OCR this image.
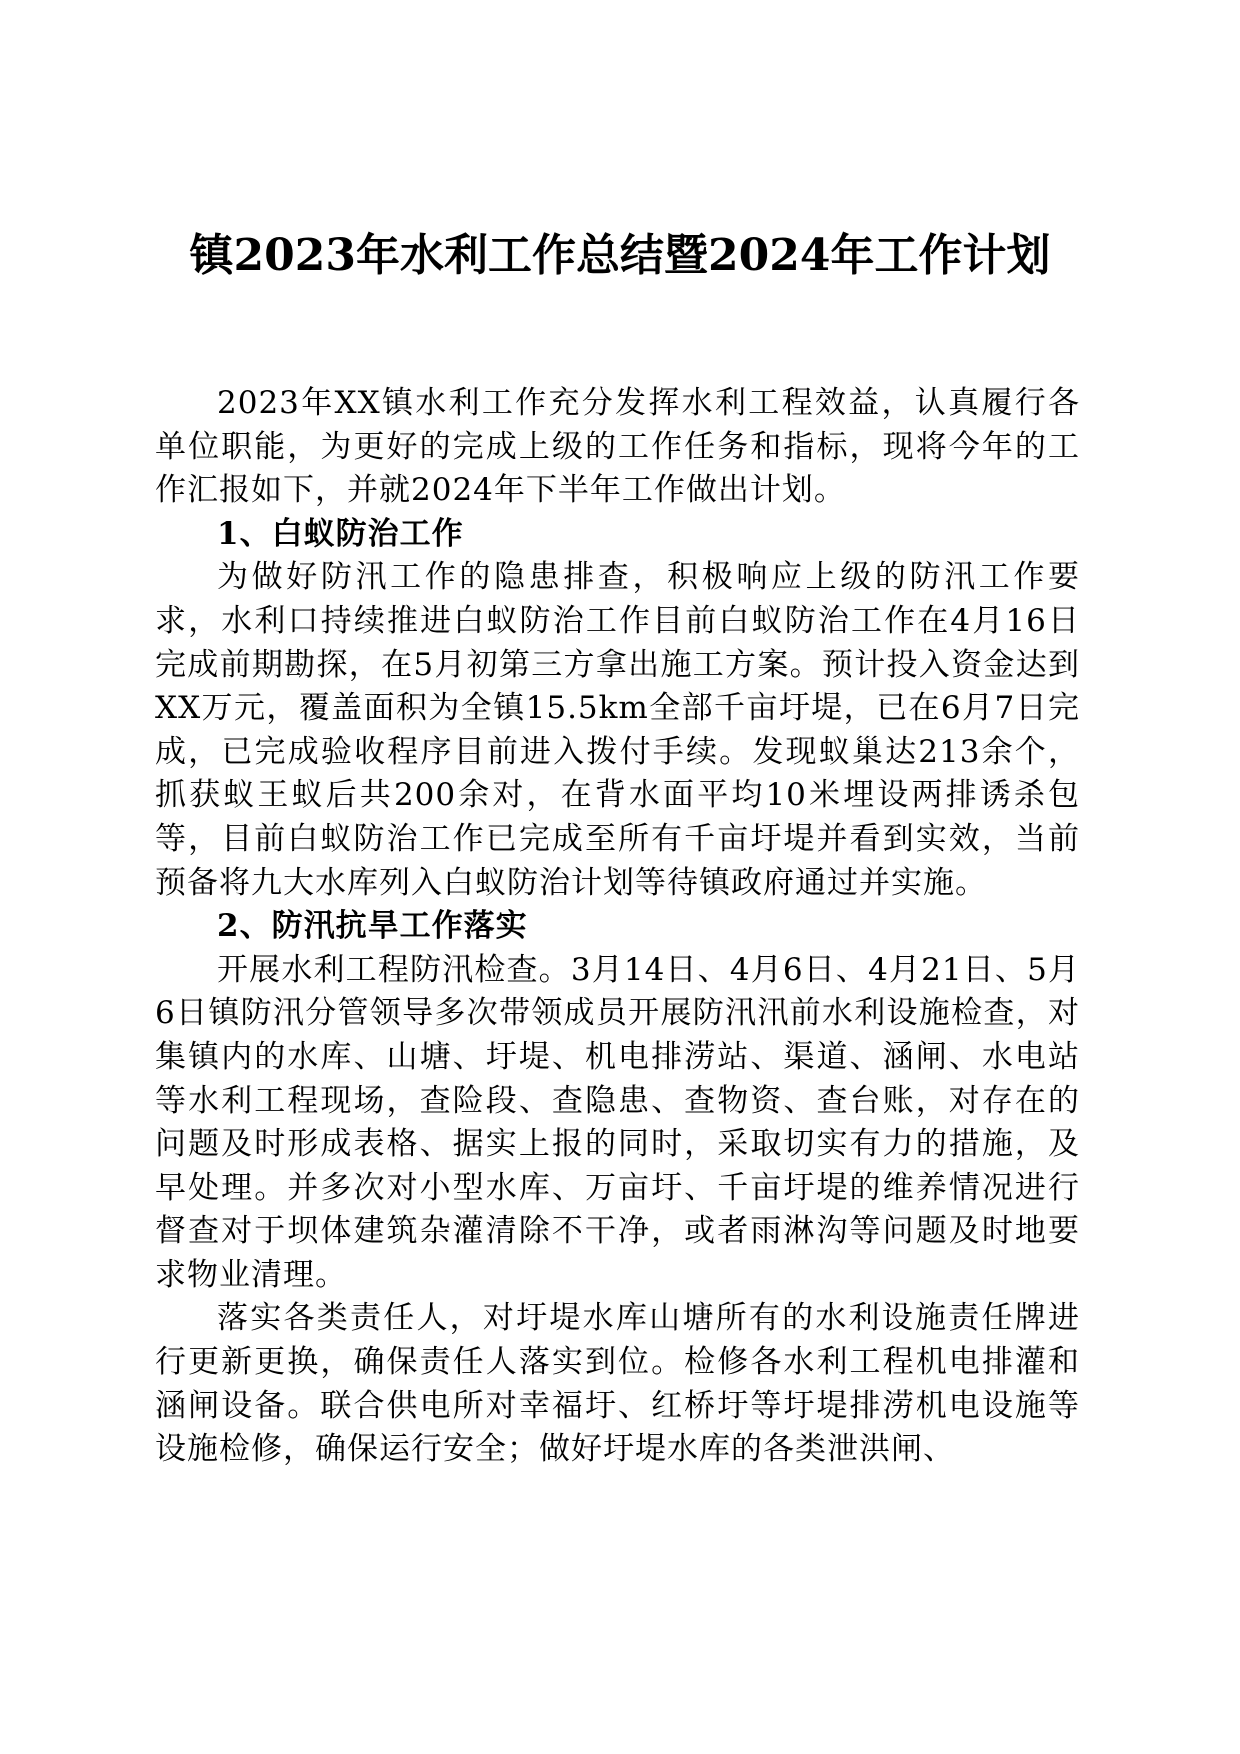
镇2023年水利工作总结暨2024年工作计划

2023年XX镇水利工作充分发挥水利工程效益，认真履行各单位职能，为更好的完成上级的工作任务和指标，现将今年的工作汇报如下，并就2024年下半年工作做出计划。

1、白蚁防治工作

为做好防汛工作的隐患排查，积极响应上级的防汛工作要求，水利口持续推进白蚁防治工作目前白蚁防治工作在4月16日完成前期勘探，在5月初第三方拿出施工方案。预计投入资金达到XX万元，覆盖面积为全镇15.5km全部千亩圩堤，已在6月7日完成，已完成验收程序目前进入拨付手续。发现蚁巢达213余个，抓获蚁王蚁后共200余对，在背水面平均10米埋设两排诱杀包等，目前白蚁防治工作已完成至所有千亩圩堤并看到实效，当前预备将九大水库列入白蚁防治计划等待镇政府通过并实施。

2、防汛抗旱工作落实

开展水利工程防汛检查。3月14日、4月6日、4月21日、5月6日镇防汛分管领导多次带领成员开展防汛汛前水利设施检查，对集镇内的水库、山塘、圩堤、机电排涝站、渠道、涵闸、水电站等水利工程现场，查险段、查隐患、查物资、查台账，对存在的问题及时形成表格、据实上报的同时，采取切实有力的措施，及早处理。并多次对小型水库、万亩圩、千亩圩堤的维养情况进行督查对于坝体建筑杂灌清除不干净，或者雨淋沟等问题及时地要求物业清理。

落实各类责任人，对圩堤水库山塘所有的水利设施责任牌进行更新更换，确保责任人落实到位。检修各水利工程机电排灌和涵闸设备。联合供电所对幸福圩、红桥圩等圩堤排涝机电设施等设施检修，确保运行安全；做好圩堤水库的各类泄洪闸、
